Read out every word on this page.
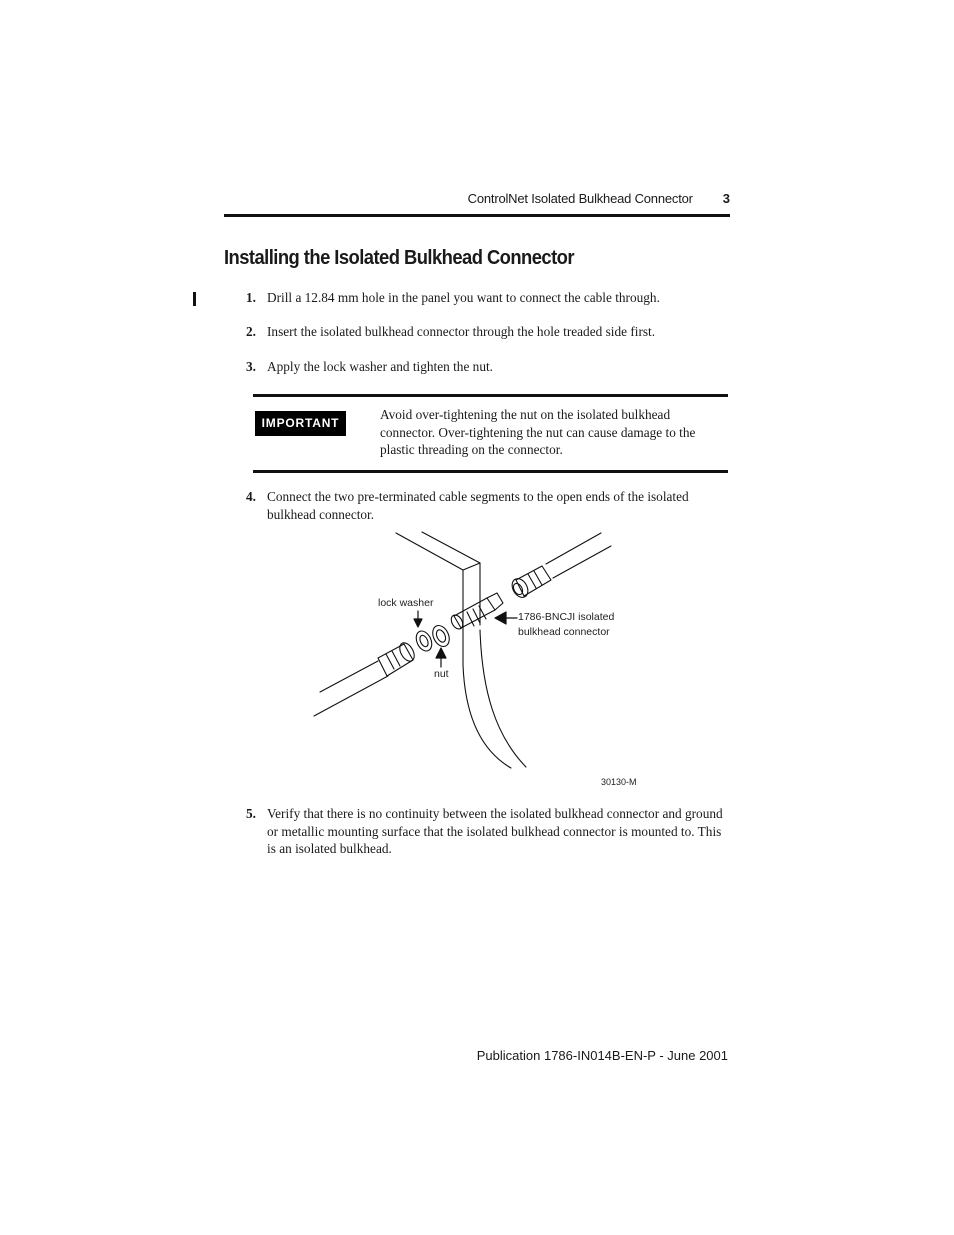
ControlNet Isolated Bulkhead Connector 3
Installing the Isolated Bulkhead Connector
1. Drill a 12.84 mm hole in the panel you want to connect the cable through.
2. Insert the isolated bulkhead connector through the hole treaded side first.
3. Apply the lock washer and tighten the nut.
IMPORTANT
Avoid over-tightening the nut on the isolated bulkhead connector. Over-tightening the nut can cause damage to the plastic threading on the connector.
4. Connect the two pre-terminated cable segments to the open ends of the isolated bulkhead connector.
lock washer
nut
1786-BNCJI isolated
bulkhead connector
30130-M
5. Verify that there is no continuity between the isolated bulkhead connector and ground or metallic mounting surface that the isolated bulkhead connector is mounted to. This is an isolated bulkhead.
Publication 1786-IN014B-EN-P - June 2001
